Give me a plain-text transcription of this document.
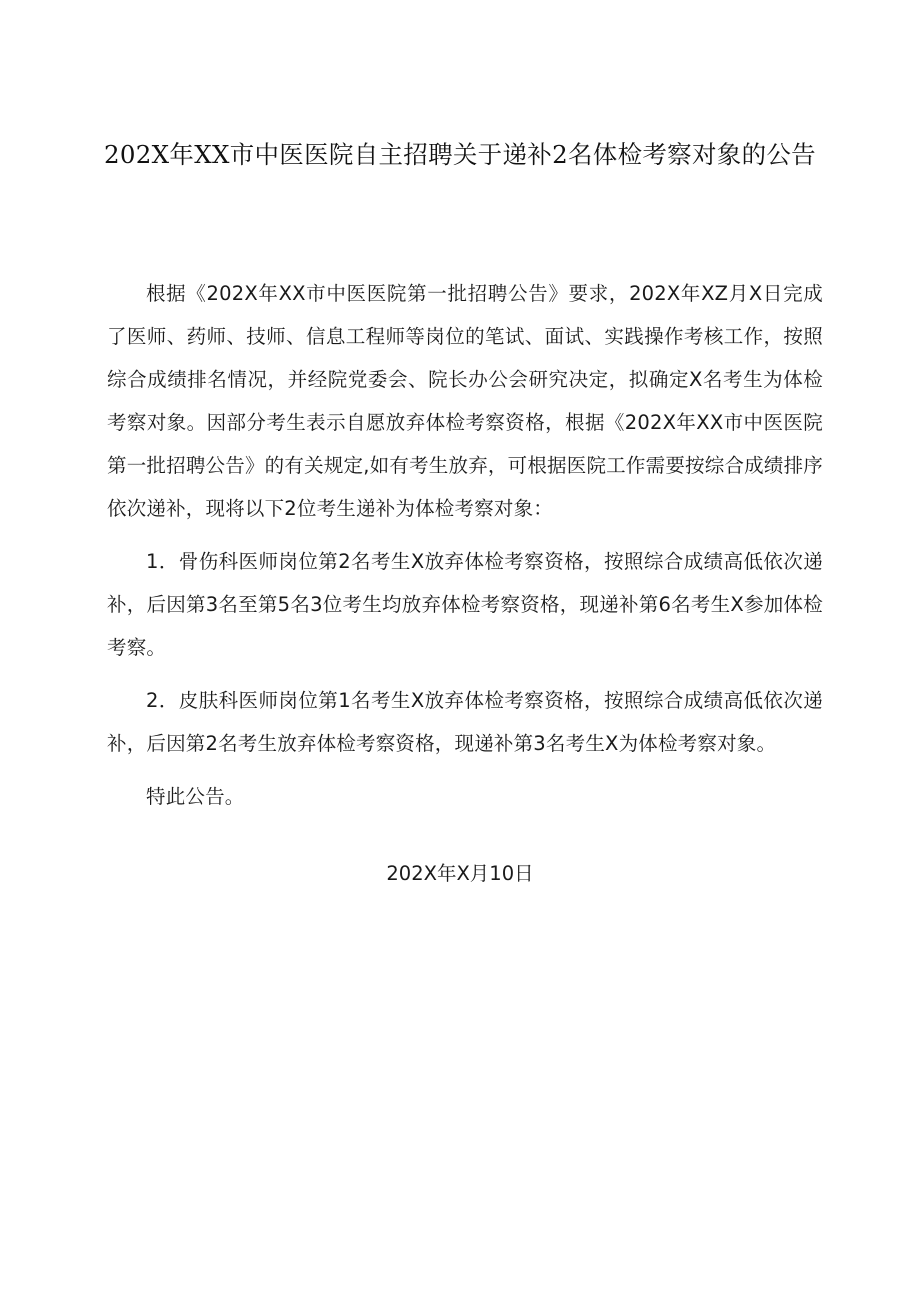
202X年XX市中医医院自主招聘关于递补2名体检考察对象的公告

根据《202X年XX市中医医院第一批招聘公告》要求，202X年XZ月X日完成了医师、药师、技师、信息工程师等岗位的笔试、面试、实践操作考核工作，按照综合成绩排名情况，并经院党委会、院长办公会研究决定，拟确定X名考生为体检考察对象。因部分考生表示自愿放弃体检考察资格，根据《202X年XX市中医医院第一批招聘公告》的有关规定,如有考生放弃，可根据医院工作需要按综合成绩排序依次递补，现将以下2位考生递补为体检考察对象：

1．骨伤科医师岗位第2名考生X放弃体检考察资格，按照综合成绩高低依次递补，后因第3名至第5名3位考生均放弃体检考察资格，现递补第6名考生X参加体检考察。

2．皮肤科医师岗位第1名考生X放弃体检考察资格，按照综合成绩高低依次递补，后因第2名考生放弃体检考察资格，现递补第3名考生X为体检考察对象。

特此公告。

202X年X月10日
